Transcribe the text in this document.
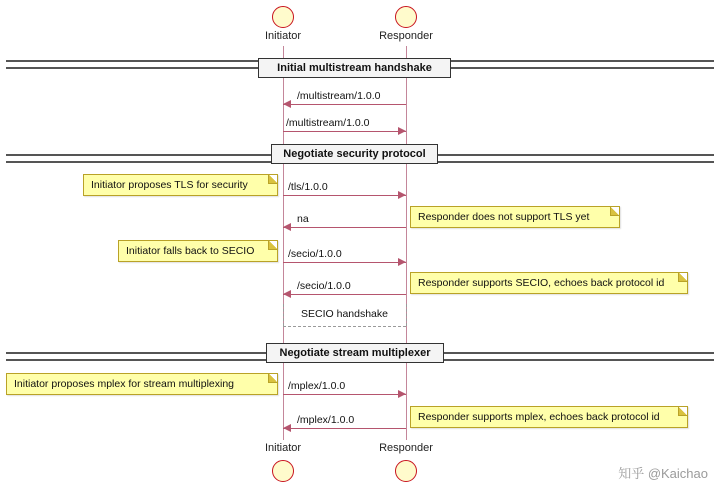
Initiator	Responder
Initial multistream handshake
/multistream/1.0.0
/multistream/1.0.0
Negotiate security protocol
/tls/1.0.0
Initiator proposes TLS for security
na	Responder does not support TLS yet
/secio/1.0.0
Initiator falls back to SECIO
/secio/1.0.0	Responder supports SECIO, echoes back protocol id
SECIO handshake
Negotiate stream multiplexer
/mplex/1.0.0
Initiator proposes mplex for stream multiplexing
/mplex/1.0.0	Responder supports mplex, echoes back protocol id
Initiator	Responder
知乎 @Kaichao
